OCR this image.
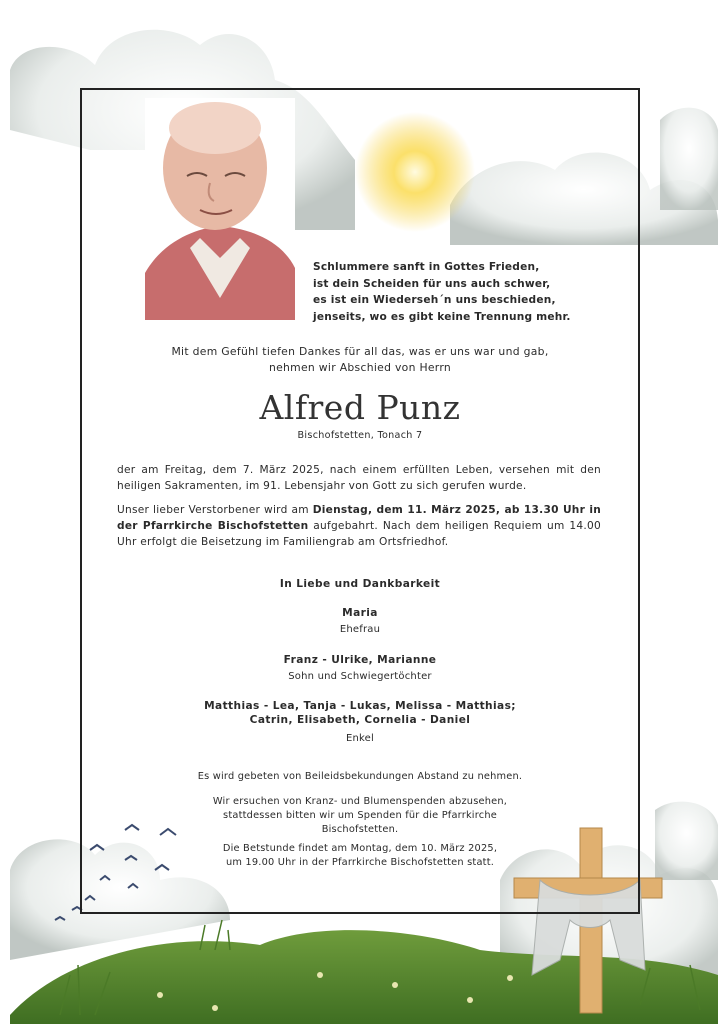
Schlummere sanft in Gottes Frieden,
ist dein Scheiden für uns auch schwer,
es ist ein Wiederseh´n uns beschieden,
jenseits, wo es gibt keine Trennung mehr.
Mit dem Gefühl tiefen Dankes für all das, was er uns war und gab,
nehmen wir Abschied von Herrn
Alfred Punz
Bischofstetten, Tonach 7
der am Freitag, dem 7. März 2025, nach einem erfüllten Leben, versehen mit den heiligen Sakramenten, im 91. Lebensjahr von Gott zu sich gerufen wurde.
Unser lieber Verstorbener wird am Dienstag, dem 11. März 2025, ab 13.30 Uhr in der Pfarrkirche Bischofstetten aufgebahrt. Nach dem heiligen Requiem um 14.00 Uhr erfolgt die Beisetzung im Familiengrab am Ortsfriedhof.
In Liebe und Dankbarkeit
Maria
Ehefrau
Franz - Ulrike, Marianne
Sohn und Schwiegertöchter
Matthias - Lea, Tanja - Lukas, Melissa - Matthias;
Catrin, Elisabeth, Cornelia - Daniel
Enkel
Es wird gebeten von Beileidsbekundungen Abstand zu nehmen.
Wir ersuchen von Kranz- und Blumenspenden abzusehen,
stattdessen bitten wir um Spenden für die Pfarrkirche
Bischofstetten.
Die Betstunde findet am Montag, dem 10. März 2025,
um 19.00 Uhr in der Pfarrkirche Bischofstetten statt.
